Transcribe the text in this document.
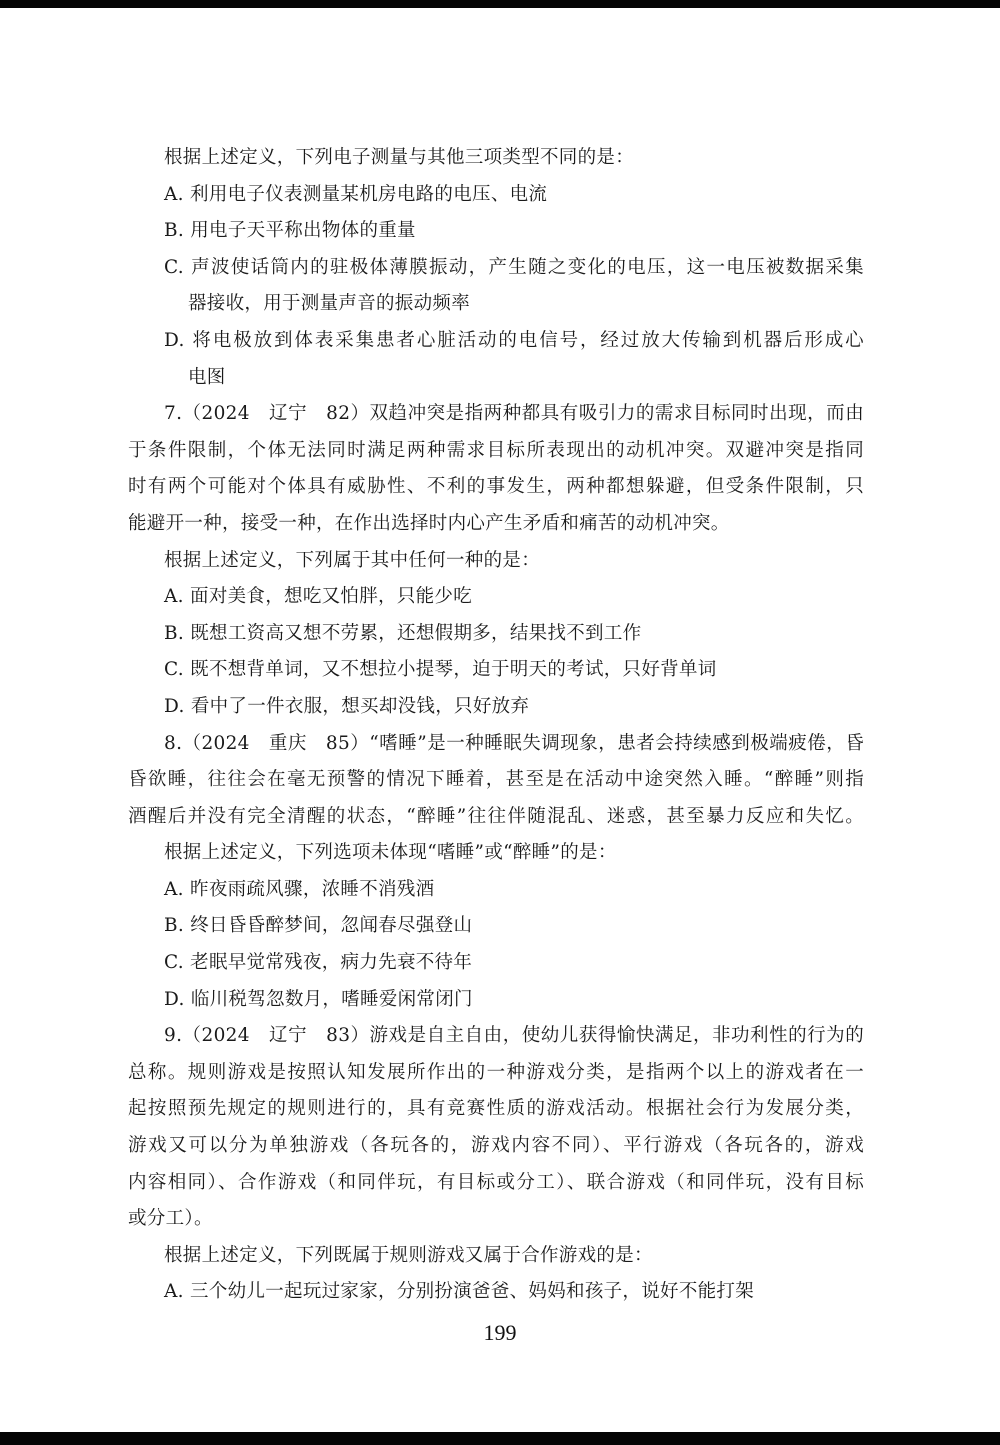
根据上述定义，下列电子测量与其他三项类型不同的是：
A. 利用电子仪表测量某机房电路的电压、电流
B. 用电子天平称出物体的重量
C. 声波使话筒内的驻极体薄膜振动，产生随之变化的电压，这一电压被数据采集
器接收，用于测量声音的振动频率
D. 将电极放到体表采集患者心脏活动的电信号，经过放大传输到机器后形成心
电图
7.（2024　辽宁　82）双趋冲突是指两种都具有吸引力的需求目标同时出现，而由
于条件限制，个体无法同时满足两种需求目标所表现出的动机冲突。双避冲突是指同
时有两个可能对个体具有威胁性、不利的事发生，两种都想躲避，但受条件限制，只
能避开一种，接受一种，在作出选择时内心产生矛盾和痛苦的动机冲突。
根据上述定义，下列属于其中任何一种的是：
A. 面对美食，想吃又怕胖，只能少吃
B. 既想工资高又想不劳累，还想假期多，结果找不到工作
C. 既不想背单词，又不想拉小提琴，迫于明天的考试，只好背单词
D. 看中了一件衣服，想买却没钱，只好放弃
8.（2024　重庆　85）“嗜睡”是一种睡眠失调现象，患者会持续感到极端疲倦，昏
昏欲睡，往往会在毫无预警的情况下睡着，甚至是在活动中途突然入睡。“醉睡”则指
酒醒后并没有完全清醒的状态，“醉睡”往往伴随混乱、迷惑，甚至暴力反应和失忆。
根据上述定义，下列选项未体现“嗜睡”或“醉睡”的是：
A. 昨夜雨疏风骤，浓睡不消残酒
B. 终日昏昏醉梦间，忽闻春尽强登山
C. 老眠早觉常残夜，病力先衰不待年
D. 临川税驾忽数月，嗜睡爱闲常闭门
9.（2024　辽宁　83）游戏是自主自由，使幼儿获得愉快满足，非功利性的行为的
总称。规则游戏是按照认知发展所作出的一种游戏分类，是指两个以上的游戏者在一
起按照预先规定的规则进行的，具有竞赛性质的游戏活动。根据社会行为发展分类，
游戏又可以分为单独游戏（各玩各的，游戏内容不同）、平行游戏（各玩各的，游戏
内容相同）、合作游戏（和同伴玩，有目标或分工）、联合游戏（和同伴玩，没有目标
或分工）。
根据上述定义，下列既属于规则游戏又属于合作游戏的是：
A. 三个幼儿一起玩过家家，分别扮演爸爸、妈妈和孩子，说好不能打架
199
